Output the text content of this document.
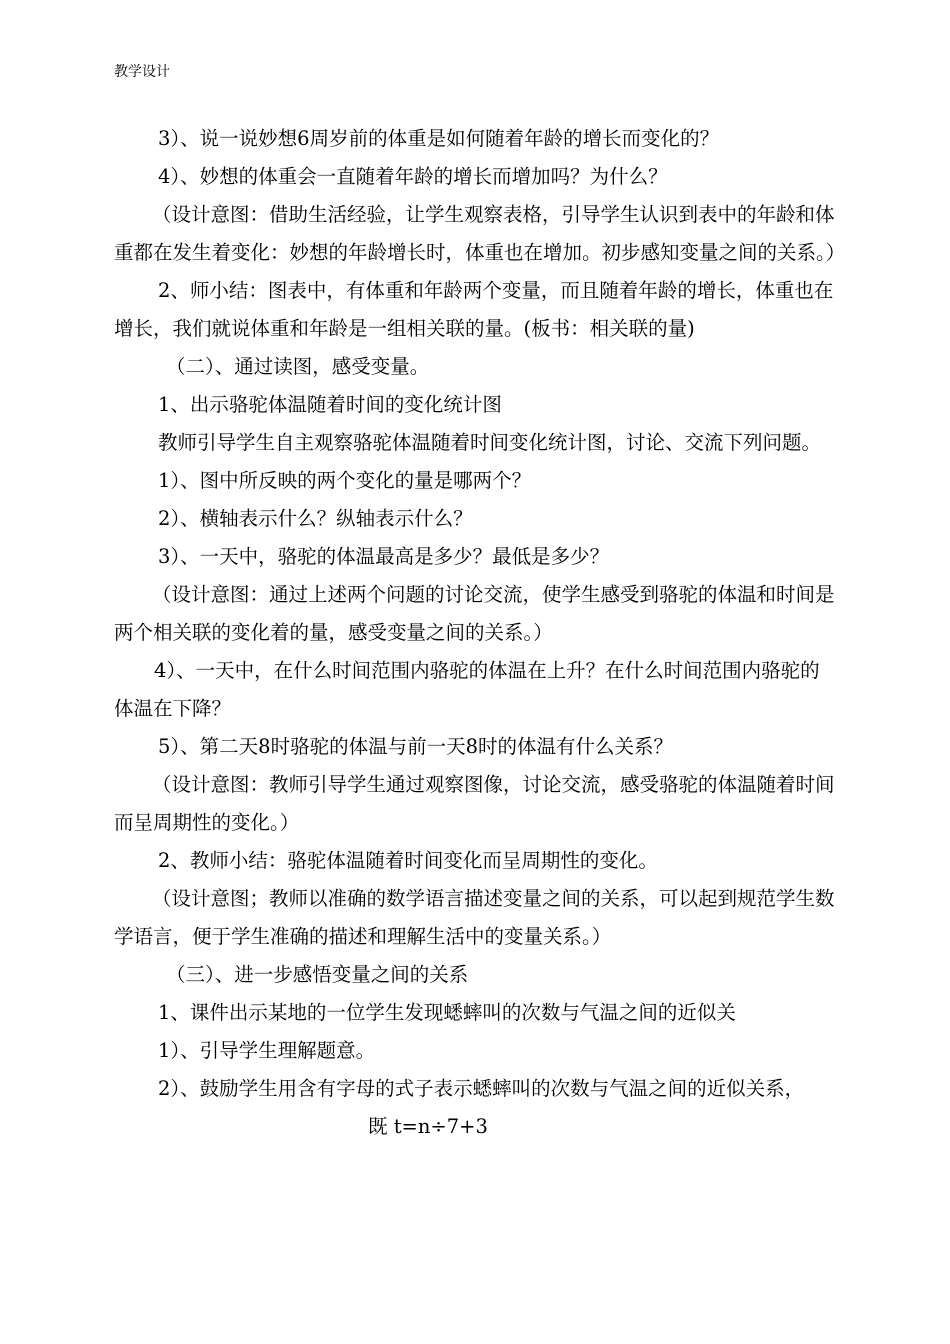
教学设计

3）、说一说妙想6周岁前的体重是如何随着年龄的增长而变化的？

4）、妙想的体重会一直随着年龄的增长而增加吗？为什么？

（设计意图：借助生活经验，让学生观察表格，引导学生认识到表中的年龄和体重都在发生着变化：妙想的年龄增长时，体重也在增加。初步感知变量之间的关系。）

2、师小结：图表中，有体重和年龄两个变量，而且随着年龄的增长，体重也在增长，我们就说体重和年龄是一组相关联的量。(板书：相关联的量)

（二）、通过读图，感受变量。

1、出示骆驼体温随着时间的变化统计图

教师引导学生自主观察骆驼体温随着时间变化统计图，讨论、交流下列问题。

1）、图中所反映的两个变化的量是哪两个？

2）、横轴表示什么？纵轴表示什么？

3）、一天中，骆驼的体温最高是多少？最低是多少？

（设计意图：通过上述两个问题的讨论交流，使学生感受到骆驼的体温和时间是两个相关联的变化着的量，感受变量之间的关系。）

4）、一天中，在什么时间范围内骆驼的体温在上升？在什么时间范围内骆驼的体温在下降？

5）、第二天8时骆驼的体温与前一天8时的体温有什么关系？

（设计意图：教师引导学生通过观察图像，讨论交流，感受骆驼的体温随着时间而呈周期性的变化。）

2、教师小结：骆驼体温随着时间变化而呈周期性的变化。

（设计意图；教师以准确的数学语言描述变量之间的关系，可以起到规范学生数学语言，便于学生准确的描述和理解生活中的变量关系。）

（三）、进一步感悟变量之间的关系

1、课件出示某地的一位学生发现蟋蟀叫的次数与气温之间的近似关

1）、引导学生理解题意。

2）、鼓励学生用含有字母的式子表示蟋蟀叫的次数与气温之间的近似关系，

既 t=n÷7+3
